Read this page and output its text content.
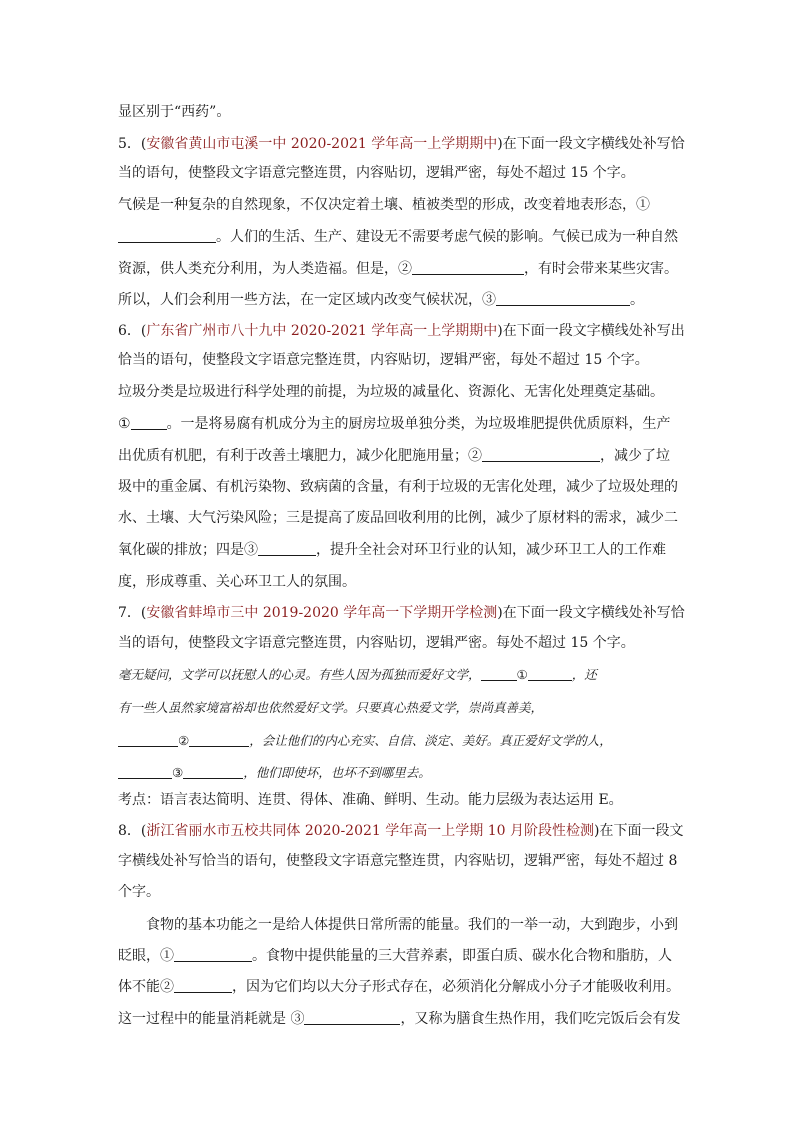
显区别于“西药”。
5．(安徽省黄山市屯溪一中 2020-2021 学年高一上学期期中)在下面一段文字横线处补写恰
当的语句，使整段文字语意完整连贯，内容贴切，逻辑严密，每处不超过 15 个字。
气候是一种复杂的自然现象，不仅决定着土壤、植被类型的形成，改变着地表形态，①
。人们的生活、生产、建设无不需要考虑气候的影响。气候已成为一种自然
资源，供人类充分利用，为人类造福。但是，②	，有时会带来某些灾害。
所以，人们会利用一些方法，在一定区域内改变气候状况，③	。
6．(广东省广州市八十九中 2020-2021 学年高一上学期期中)在下面一段文字横线处补写出
恰当的语句，使整段文字语意完整连贯，内容贴切，逻辑严密，每处不超过 15 个字。
垃圾分类是垃圾进行科学处理的前提，为垃圾的减量化、资源化、无害化处理奠定基础。
①	。一是将易腐有机成分为主的厨房垃圾单独分类，为垃圾堆肥提供优质原料，生产
出优质有机肥，有利于改善土壤肥力，减少化肥施用量；②	，减少了垃
圾中的重金属、有机污染物、致病菌的含量，有利于垃圾的无害化处理，减少了垃圾处理的
水、土壤、大气污染风险；三是提高了废品回收利用的比例，减少了原材料的需求，减少二
氧化碳的排放；四是③	，提升全社会对环卫行业的认知，减少环卫工人的工作难
度，形成尊重、关心环卫工人的氛围。
7．(安徽省蚌埠市三中 2019-2020 学年高一下学期开学检测)在下面一段文字横线处补写恰
当的语句，使整段文字语意完整连贯，内容贴切，逻辑严密。每处不超过 15 个字。
毫无疑问，文学可以抚慰人的心灵。有些人因为孤独而爱好文学，	①	，还
有一些人虽然家境富裕却也依然爱好文学。只要真心热爱文学，崇尚真善美，
②	，会让他们的内心充实、自信、淡定、美好。真正爱好文学的人，
③	，他们即使坏，也坏不到哪里去。
考点：语言表达简明、连贯、得体、准确、鲜明、生动。能力层级为表达运用 E。
8．(浙江省丽水市五校共同体 2020-2021 学年高一上学期 10 月阶段性检测)在下面一段文
字横线处补写恰当的语句，使整段文字语意完整连贯，内容贴切，逻辑严密，每处不超过 8
个字。
食物的基本功能之一是给人体提供日常所需的能量。我们的一举一动，大到跑步，小到
眨眼，①	。食物中提供能量的三大营养素，即蛋白质、碳水化合物和脂肪，人
体不能②	，因为它们均以大分子形式存在，必须消化分解成小分子才能吸收利用。
这一过程中的能量消耗就是 ③	，又称为膳食生热作用，我们吃完饭后会有发
